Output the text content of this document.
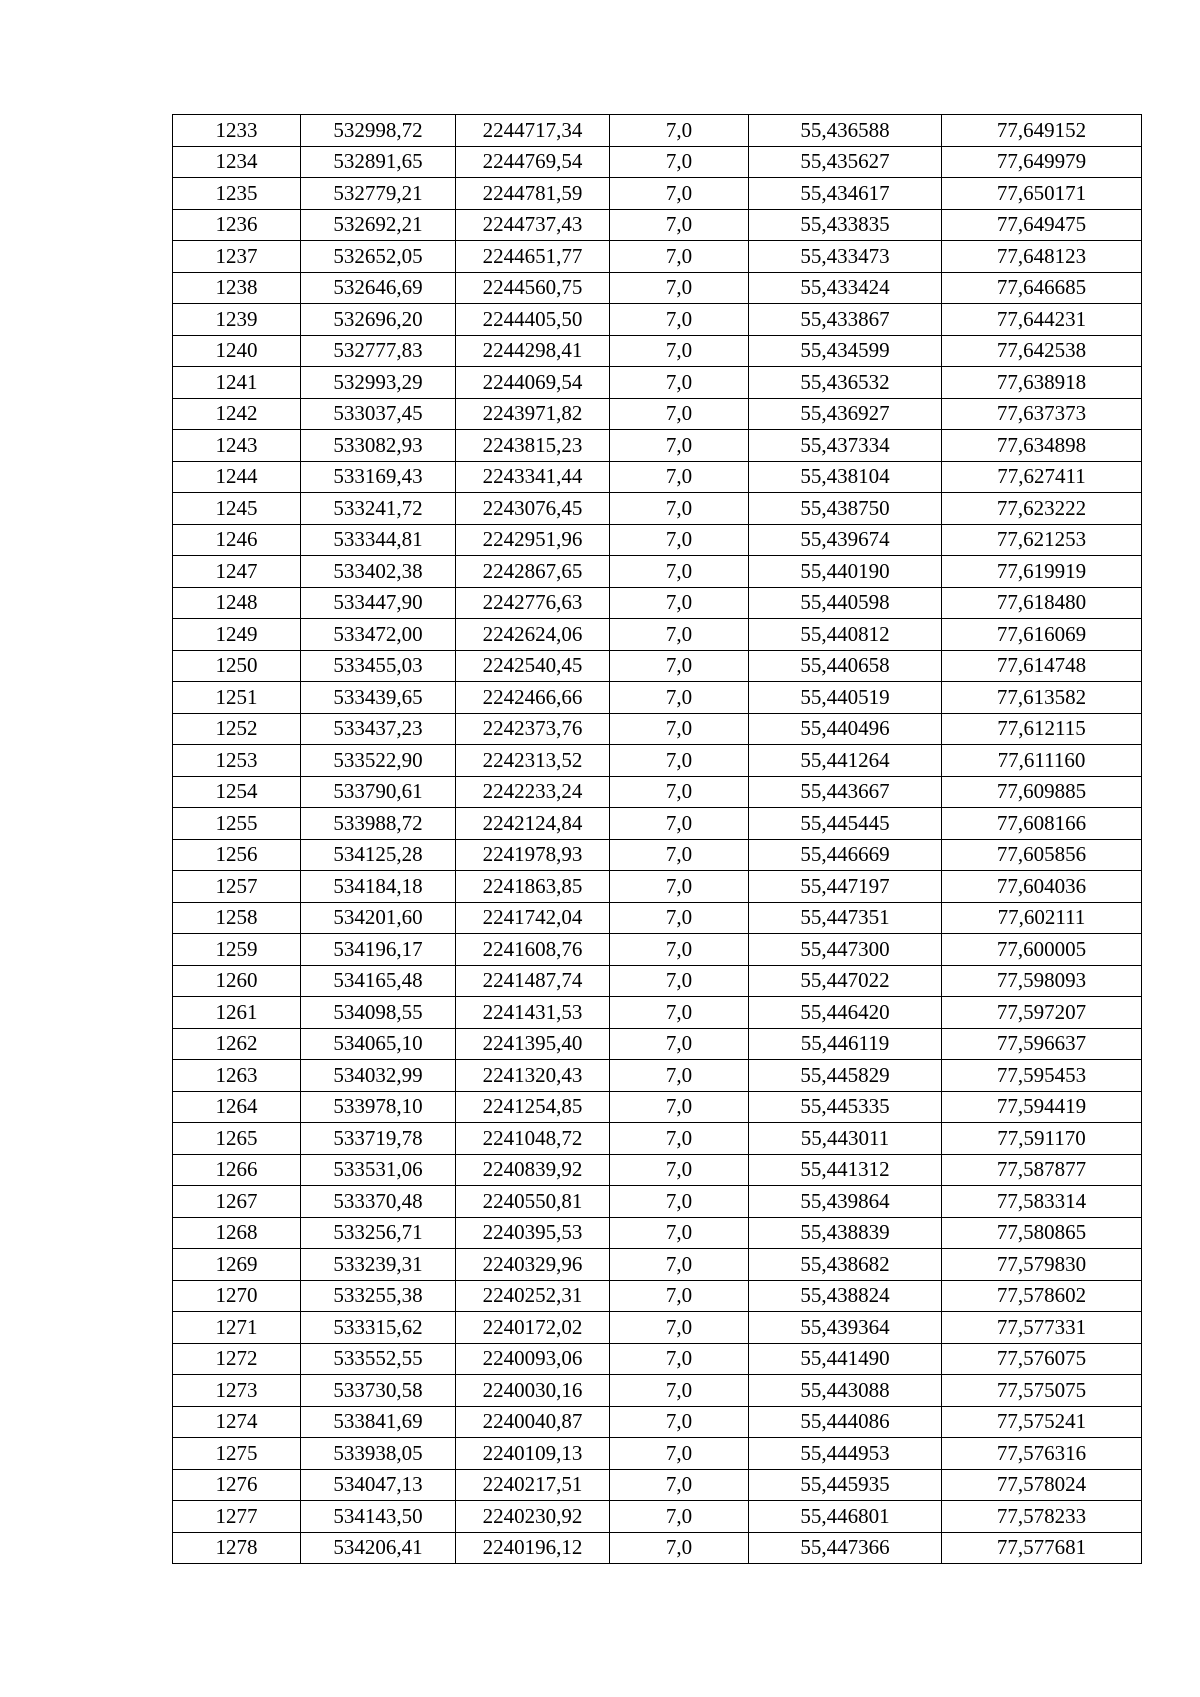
1233	532998,72	2244717,34	7,0	55,436588	77,649152
1234	532891,65	2244769,54	7,0	55,435627	77,649979
1235	532779,21	2244781,59	7,0	55,434617	77,650171
1236	532692,21	2244737,43	7,0	55,433835	77,649475
1237	532652,05	2244651,77	7,0	55,433473	77,648123
1238	532646,69	2244560,75	7,0	55,433424	77,646685
1239	532696,20	2244405,50	7,0	55,433867	77,644231
1240	532777,83	2244298,41	7,0	55,434599	77,642538
1241	532993,29	2244069,54	7,0	55,436532	77,638918
1242	533037,45	2243971,82	7,0	55,436927	77,637373
1243	533082,93	2243815,23	7,0	55,437334	77,634898
1244	533169,43	2243341,44	7,0	55,438104	77,627411
1245	533241,72	2243076,45	7,0	55,438750	77,623222
1246	533344,81	2242951,96	7,0	55,439674	77,621253
1247	533402,38	2242867,65	7,0	55,440190	77,619919
1248	533447,90	2242776,63	7,0	55,440598	77,618480
1249	533472,00	2242624,06	7,0	55,440812	77,616069
1250	533455,03	2242540,45	7,0	55,440658	77,614748
1251	533439,65	2242466,66	7,0	55,440519	77,613582
1252	533437,23	2242373,76	7,0	55,440496	77,612115
1253	533522,90	2242313,52	7,0	55,441264	77,611160
1254	533790,61	2242233,24	7,0	55,443667	77,609885
1255	533988,72	2242124,84	7,0	55,445445	77,608166
1256	534125,28	2241978,93	7,0	55,446669	77,605856
1257	534184,18	2241863,85	7,0	55,447197	77,604036
1258	534201,60	2241742,04	7,0	55,447351	77,602111
1259	534196,17	2241608,76	7,0	55,447300	77,600005
1260	534165,48	2241487,74	7,0	55,447022	77,598093
1261	534098,55	2241431,53	7,0	55,446420	77,597207
1262	534065,10	2241395,40	7,0	55,446119	77,596637
1263	534032,99	2241320,43	7,0	55,445829	77,595453
1264	533978,10	2241254,85	7,0	55,445335	77,594419
1265	533719,78	2241048,72	7,0	55,443011	77,591170
1266	533531,06	2240839,92	7,0	55,441312	77,587877
1267	533370,48	2240550,81	7,0	55,439864	77,583314
1268	533256,71	2240395,53	7,0	55,438839	77,580865
1269	533239,31	2240329,96	7,0	55,438682	77,579830
1270	533255,38	2240252,31	7,0	55,438824	77,578602
1271	533315,62	2240172,02	7,0	55,439364	77,577331
1272	533552,55	2240093,06	7,0	55,441490	77,576075
1273	533730,58	2240030,16	7,0	55,443088	77,575075
1274	533841,69	2240040,87	7,0	55,444086	77,575241
1275	533938,05	2240109,13	7,0	55,444953	77,576316
1276	534047,13	2240217,51	7,0	55,445935	77,578024
1277	534143,50	2240230,92	7,0	55,446801	77,578233
1278	534206,41	2240196,12	7,0	55,447366	77,577681
